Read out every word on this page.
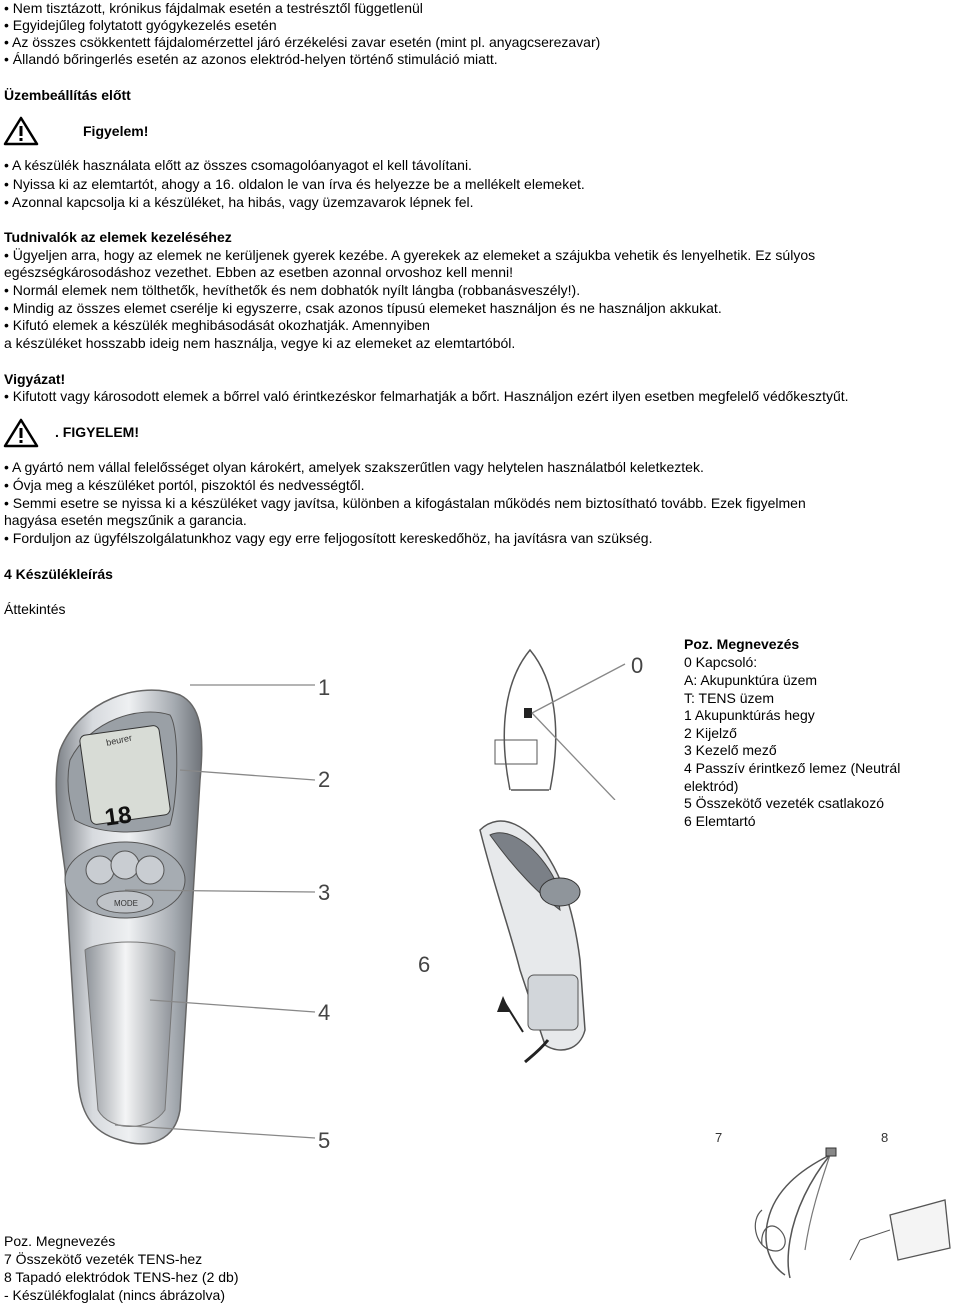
• Nem tisztázott, krónikus fájdalmak esetén a testrésztől függetlenül
• Egyidejűleg folytatott gyógykezelés esetén
• Az összes csökkentett fájdalomérzettel járó érzékelési zavar esetén (mint pl. anyagcserezavar)
• Állandó bőringerlés esetén az azonos elektród-helyen történő stimuláció miatt.
Üzembeállítás előtt
Figyelem!
• A készülék használata előtt az összes csomagolóanyagot el kell távolítani.
• Nyissa ki az elemtartót, ahogy a 16. oldalon le van írva és helyezze be a mellékelt elemeket.
• Azonnal kapcsolja ki a készüléket, ha hibás, vagy üzemzavarok lépnek fel.
Tudnivalók az elemek kezeléséhez
• Ügyeljen arra, hogy az elemek ne kerüljenek gyerek kezébe. A gyerekek az elemeket a szájukba vehetik és lenyelhetik. Ez súlyos
egészségkárosodáshoz vezethet. Ebben az esetben azonnal orvoshoz kell menni!
• Normál elemek nem tölthetők, hevíthetők és nem dobhatók nyílt lángba (robbanásveszély!).
• Mindig az összes elemet cserélje ki egyszerre, csak azonos típusú elemeket használjon és ne használjon akkukat.
• Kifutó elemek a készülék meghibásodását okozhatják. Amennyiben
a készüléket hosszabb ideig nem használja, vegye ki az elemeket az elemtartóból.
Vigyázat!
• Kifutott vagy károsodott elemek a bőrrel való érintkezéskor felmarhatják a bőrt. Használjon ezért ilyen esetben megfelelő védőkesztyűt.
. FIGYELEM!
• A gyártó nem vállal felelősséget olyan károkért, amelyek szakszerűtlen vagy helytelen használatból keletkeztek.
• Óvja meg a készüléket portól, piszoktól és nedvességtől.
• Semmi esetre se nyissa ki a készüléket vagy javítsa, különben a kifogástalan működés nem biztosítható tovább. Ezek figyelmen
hagyása esetén megszűnik a garancia.
• Forduljon az ügyfélszolgálatunkhoz vagy egy erre feljogosított kereskedőhöz, ha javításra van szükség.
4 Készülékleírás
Áttekintés
18
beurer
MODE
1
2
3
4
5
0
6
Poz. Megnevezés
0 Kapcsoló:
A: Akupunktúra üzem
T: TENS üzem
1 Akupunktúrás hegy
2 Kijelző
3 Kezelő mező
4 Passzív érintkező lemez (Neutrál
elektród)
5 Összekötő vezeték csatlakozó
6 Elemtartó
7	8
Poz. Megnevezés
7 Összekötő vezeték TENS-hez
8 Tapadó elektródok TENS-hez (2 db)
- Készülékfoglalat (nincs ábrázolva)
